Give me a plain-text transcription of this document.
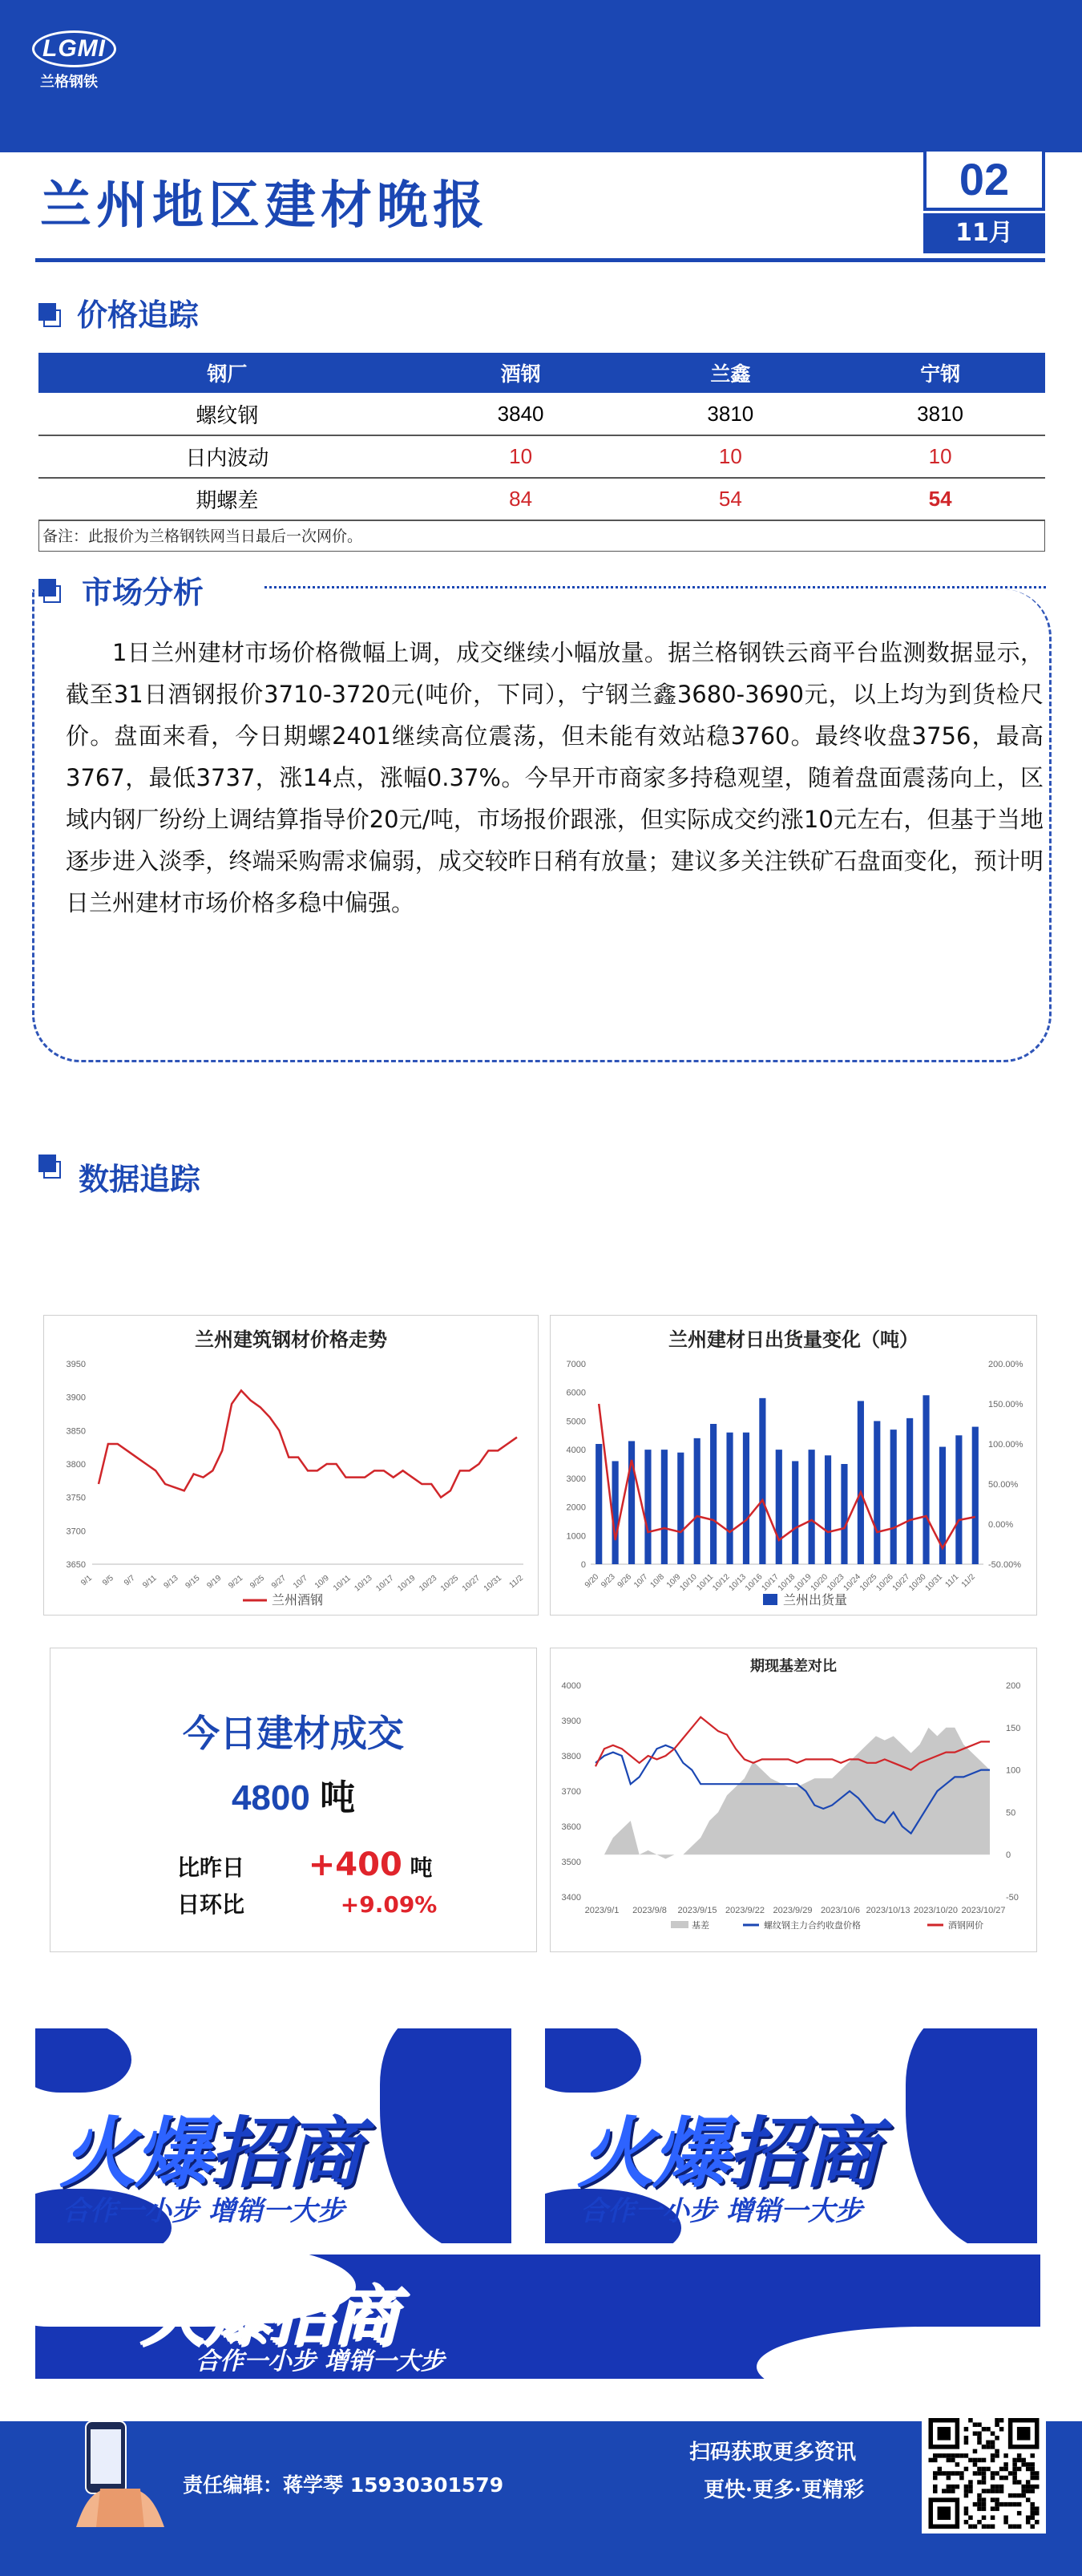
LGMI
兰格钢铁
兰州地区建材晚报	02
11月
价格追踪
钢厂	酒钢	兰鑫	宁钢
螺纹钢	3840	3810	3810
日内波动	10	10	10
期螺差	84	54	54
备注：此报价为兰格钢铁网当日最后一次网价。
市场分析
1日兰州建材市场价格微幅上调，成交继续小幅放量。据兰格钢铁云商平台监测数据显示，截至31日酒钢报价3710-3720元(吨价，下同），宁钢兰鑫3680-3690元，以上均为到货检尺价。盘面来看，今日期螺2401继续高位震荡，但未能有效站稳3760。最终收盘3756，最高3767，最低3737，涨14点，涨幅0.37%。今早开市商家多持稳观望，随着盘面震荡向上，区域内钢厂纷纷上调结算指导价20元/吨，市场报价跟涨，但实际成交约涨10元左右，但基于当地逐步进入淡季，终端采购需求偏弱，成交较昨日稍有放量；建议多关注铁矿石盘面变化，预计明日兰州建材市场价格多稳中偏强。
数据追踪
兰州建筑钢材价格走势
3950
3900
3850
3800
3750
3700
3650
9/1 9/5 9/7 9/11 9/13 9/15 9/19 9/21 9/25 9/27 10/7 10/9 10/11 10/13 10/17 10/19 10/23 10/25 10/27 10/31 11/2
兰州酒钢
兰州建材日出货量变化（吨）
7000
6000
5000
4000
3000
2000
1000
0
200.00%
150.00%
100.00%
50.00%
0.00%
-50.00%
9/20
9/23
9/26
10/7
10/8
10/9
10/10
10/11
10/12
10/13
10/16
10/17
10/18
10/19
10/20
10/23
10/24
10/25
10/26
10/27
10/30
10/31 11/1 11/2
兰州出货量
今日建材成交
4800 吨
比昨日 +400 吨
日环比	+9.09%
期现基差对比
4000
3900
3800
3700
3600
3500
3400
200
150
100
50
0
-50
2023/9/1 2023/9/8 2023/9/15 2023/9/22 2023/9/29 2023/10/6 2023/10/13 2023/10/20 2023/10/27
基差	螺纹钢主力合约收盘价格	酒钢网价
火爆招商
合作一小步 增销一大步
火爆招商
合作一小步 增销一大步
火爆招商
合作一小步 增销一大步
责任编辑：蒋学琴 15930301579
扫码获取更多资讯
更快·更多·更精彩
